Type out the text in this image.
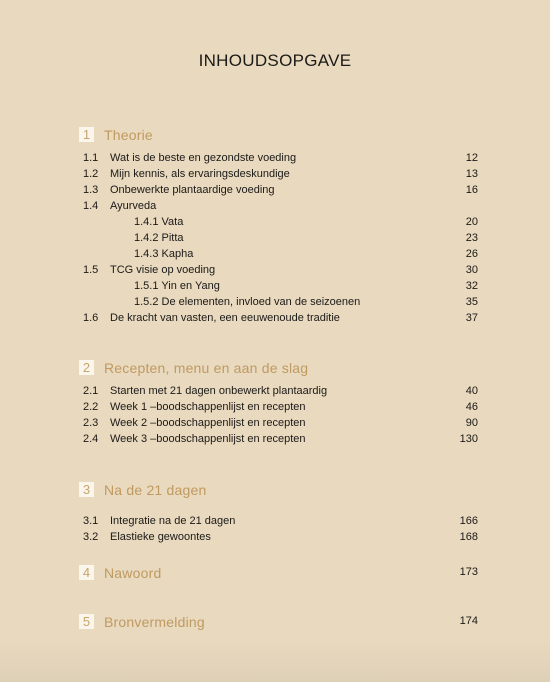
INHOUDSOPGAVE
1 Theorie
1.1 Wat is de beste en gezondste voeding	12
1.2 Mijn kennis, als ervaringsdeskundige	13
1.3 Onbewerkte plantaardige voeding	16
1.4 Ayurveda
1.4.1 Vata	20
1.4.2 Pitta	23
1.4.3 Kapha	26
1.5 TCG visie op voeding	30
1.5.1 Yin en Yang	32
1.5.2 De elementen, invloed van de seizoenen	35
1.6 De kracht van vasten, een eeuwenoude traditie	37
2 Recepten, menu en aan de slag
2.1 Starten met 21 dagen onbewerkt plantaardig	40
2.2 Week 1 –boodschappenlijst en recepten	46
2.3 Week 2 –boodschappenlijst en recepten	90
2.4 Week 3 –boodschappenlijst en recepten	130
3 Na de 21 dagen
3.1 Integratie na de 21 dagen	166
3.2 Elastieke gewoontes	168
4 Nawoord	173
5 Bronvermelding	174
